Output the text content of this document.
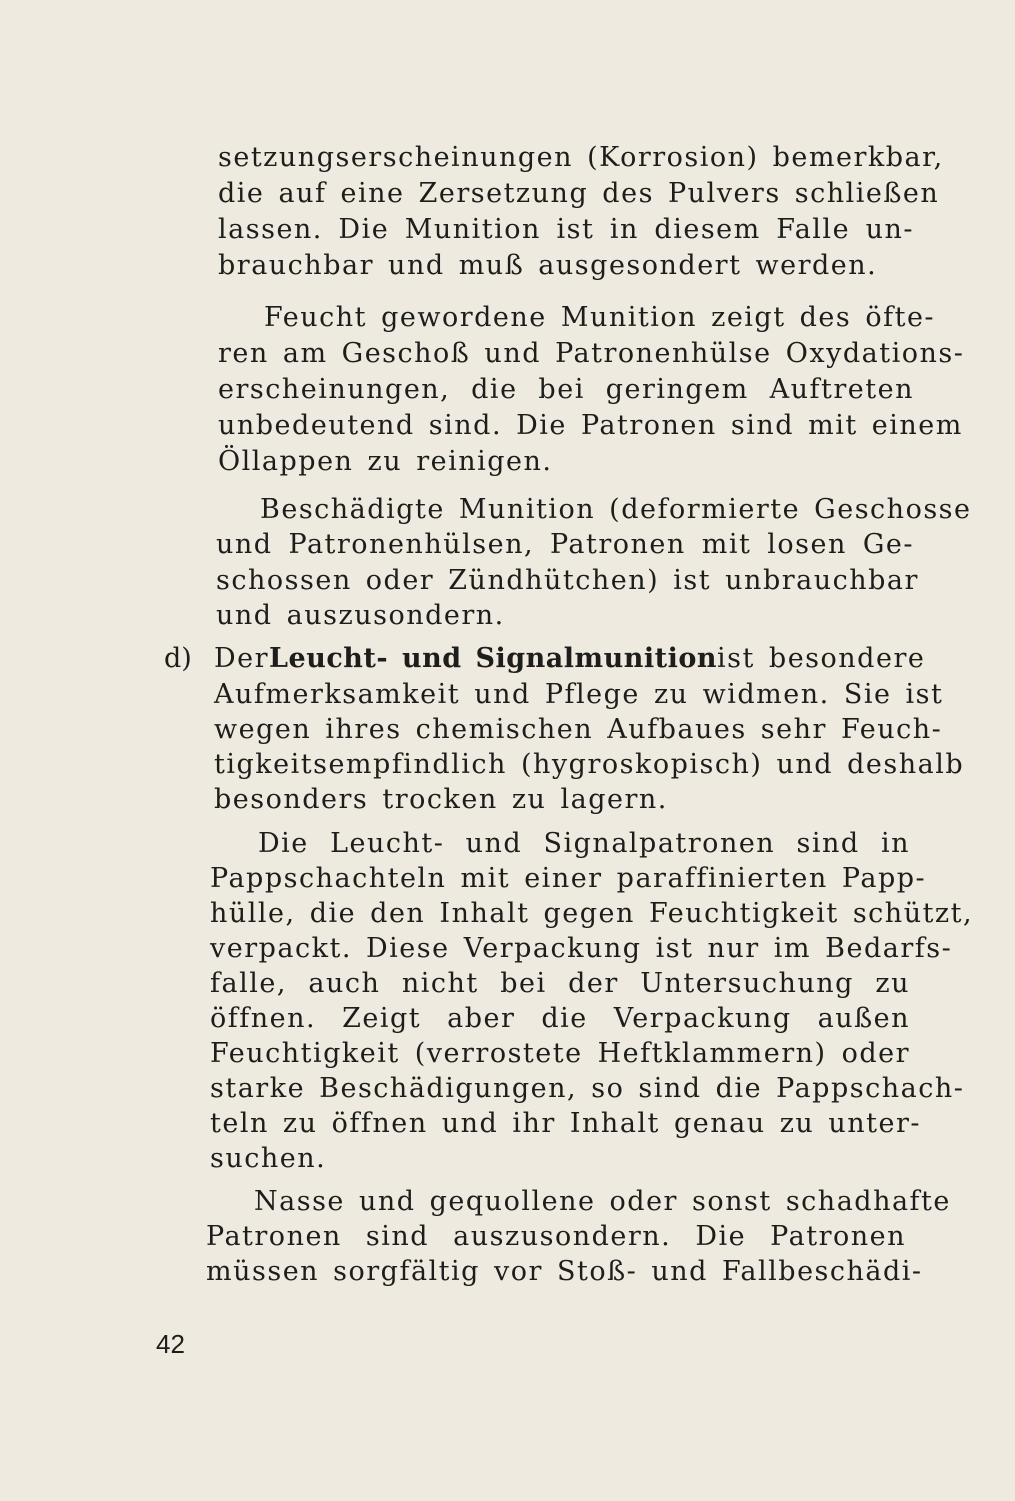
setzungserscheinungen (Korrosion) bemerkbar,
die auf eine Zersetzung des Pulvers schließen
lassen. Die Munition ist in diesem Falle un-
brauchbar und muß ausgesondert werden.
Feucht gewordene Munition zeigt des öfte-
ren am Geschoß und Patronenhülse Oxydations-
erscheinungen, die bei geringem Auftreten
unbedeutend sind. Die Patronen sind mit einem
Öllappen zu reinigen.
Beschädigte Munition (deformierte Geschosse
und Patronenhülsen, Patronen mit losen Ge-
schossen oder Zündhütchen) ist unbrauchbar
und auszusondern.
Der Leucht- und Signalmunition ist besondere
Aufmerksamkeit und Pflege zu widmen. Sie ist
wegen ihres chemischen Aufbaues sehr Feuch-
tigkeitsempfindlich (hygroskopisch) und deshalb
besonders trocken zu lagern.
Die Leucht- und Signalpatronen sind in
Pappschachteln mit einer paraffinierten Papp-
hülle, die den Inhalt gegen Feuchtigkeit schützt,
verpackt. Diese Verpackung ist nur im Bedarfs-
falle, auch nicht bei der Untersuchung zu
öffnen. Zeigt aber die Verpackung außen
Feuchtigkeit (verrostete Heftklammern) oder
starke Beschädigungen, so sind die Pappschach-
teln zu öffnen und ihr Inhalt genau zu unter-
suchen.
Nasse und gequollene oder sonst schadhafte
Patronen sind auszusondern. Die Patronen
müssen sorgfältig vor Stoß- und Fallbeschädi-
d)
42
